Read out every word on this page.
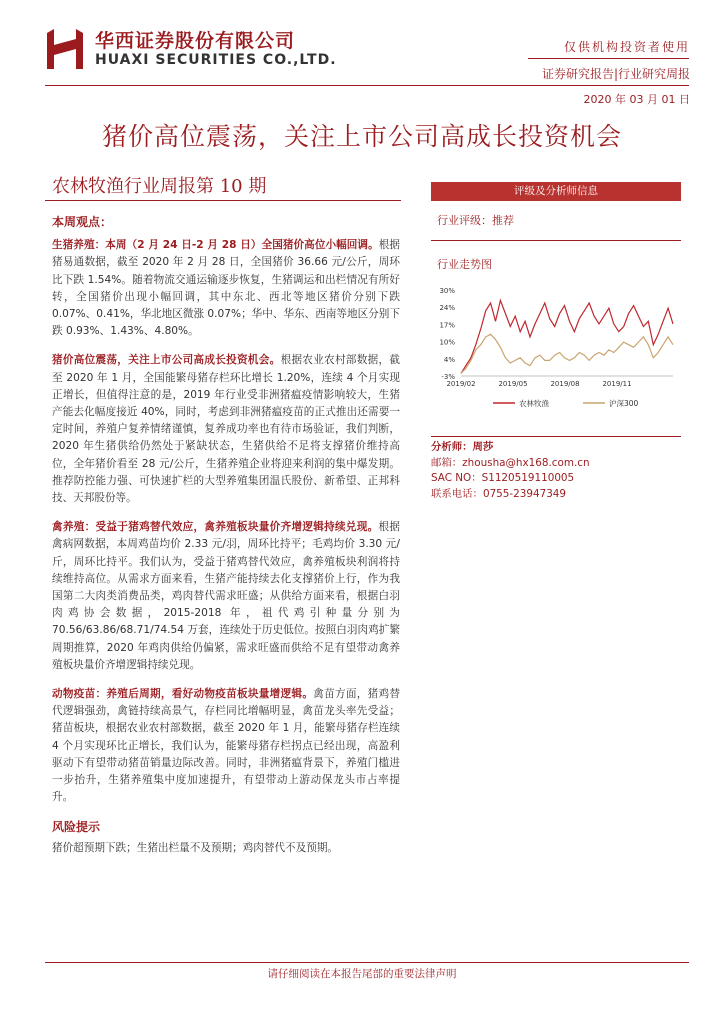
华西证券股份有限公司
HUAXI SECURITIES CO.,LTD.
仅供机构投资者使用
证券研究报告|行业研究周报
2020 年 03 月 01 日
猪价高位震荡，关注上市公司高成长投资机会
农林牧渔行业周报第 10 期
本周观点：

生猪养殖：本周（2 月 24 日-2 月 28 日）全国猪价高位小幅回调。根据猪易通数据，截至 2020 年 2 月 28 日，全国猪价 36.66 元/公斤，周环比下跌 1.54%。随着物流交通运输逐步恢复，生猪调运和出栏情况有所好转，全国猪价出现小幅回调，其中东北、西北等地区猪价分别下跌 0.07%、0.41%，华北地区微涨 0.07%；华中、华东、西南等地区分别下跌 0.93%、1.43%、4.80%。

猪价高位震荡，关注上市公司高成长投资机会。根据农业农村部数据，截至 2020 年 1 月，全国能繁母猪存栏环比增长 1.20%，连续 4 个月实现正增长，但值得注意的是，2019 年行业受非洲猪瘟疫情影响较大，生猪产能去化幅度接近 40%，同时，考虑到非洲猪瘟疫苗的正式推出还需要一定时间，养殖户复养情绪谨慎，复养成功率也有待市场验证，我们判断，2020 年生猪供给仍然处于紧缺状态，生猪供给不足将支撑猪价维持高位，全年猪价看至 28 元/公斤，生猪养殖企业将迎来利润的集中爆发期。推荐防控能力强、可快速扩栏的大型养殖集团温氏股份、新希望、正邦科技、天邦股份等。

禽养殖：受益于猪鸡替代效应，禽养殖板块量价齐增逻辑持续兑现。根据禽病网数据，本周鸡苗均价 2.33 元/羽，周环比持平；毛鸡均价 3.30 元/斤，周环比持平。我们认为，受益于猪鸡替代效应，禽养殖板块利润将持续维持高位。从需求方面来看，生猪产能持续去化支撑猪价上行，作为我国第二大肉类消费品类，鸡肉替代需求旺盛；从供给方面来看，根据白羽肉鸡协会数据，2015-2018 年，祖代鸡引种量分别为 70.56/63.86/68.71/74.54 万套，连续处于历史低位。按照白羽肉鸡扩繁周期推算，2020 年鸡肉供给仍偏紧，需求旺盛而供给不足有望带动禽养殖板块量价齐增逻辑持续兑现。

动物疫苗：养殖后周期，看好动物疫苗板块量增逻辑。禽苗方面，猪鸡替代逻辑强劲，禽链持续高景气，存栏同比增幅明显，禽苗龙头率先受益；猪苗板块，根据农业农村部数据，截至 2020 年 1 月，能繁母猪存栏连续 4 个月实现环比正增长，我们认为，能繁母猪存栏拐点已经出现，高盈利驱动下有望带动猪苗销量边际改善。同时，非洲猪瘟背景下，养殖门槛进一步抬升，生猪养殖集中度加速提升，有望带动上游动保龙头市占率提升。

风险提示
猪价超预期下跌；生猪出栏量不及预期；鸡肉替代不及预期。
评级及分析师信息
行业评级：推荐
行业走势图
30%
24%
17%
10%
4%
-3%
2019/02	2019/05	2019/08	2019/11
农林牧渔	沪深300
分析师：周莎
邮箱：zhousha@hx168.com.cn
SAC NO：S1120519110005
联系电话：0755-23947349
请仔细阅读在本报告尾部的重要法律声明
